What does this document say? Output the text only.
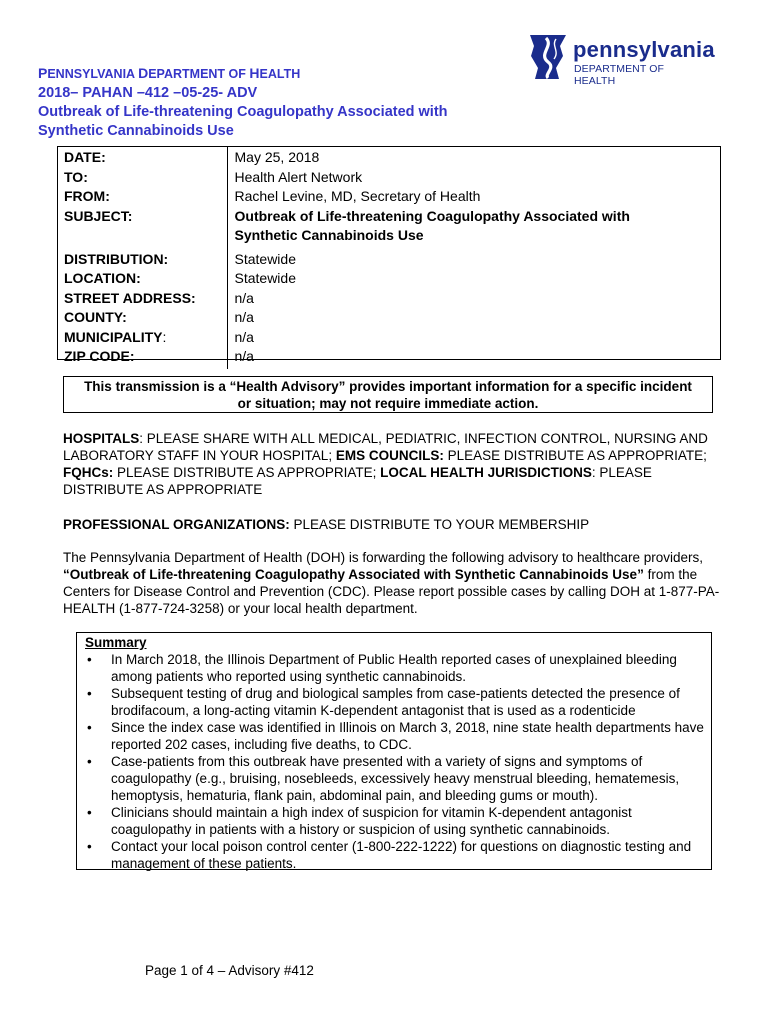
pennsylvania
DEPARTMENT OF HEALTH
PENNSYLVANIA DEPARTMENT OF HEALTH
2018– PAHAN –412 –05-25- ADV
Outbreak of Life-threatening Coagulopathy Associated with
Synthetic Cannabinoids Use
DATE:	May 25, 2018
TO:	Health Alert Network
FROM:	Rachel Levine, MD, Secretary of Health
SUBJECT:	Outbreak of Life-threatening Coagulopathy Associated with
Synthetic Cannabinoids Use

DISTRIBUTION:	Statewide
LOCATION:	Statewide
STREET ADDRESS:	n/a
COUNTY:	n/a
MUNICIPALITY:	n/a
ZIP CODE:	n/a
This transmission is a “Health Advisory” provides important information for a specific incident
or situation; may not require immediate action.
HOSPITALS: PLEASE SHARE WITH ALL MEDICAL, PEDIATRIC, INFECTION CONTROL, NURSING AND LABORATORY STAFF IN YOUR HOSPITAL; EMS COUNCILS: PLEASE DISTRIBUTE AS APPROPRIATE; FQHCs: PLEASE DISTRIBUTE AS APPROPRIATE; LOCAL HEALTH JURISDICTIONS: PLEASE DISTRIBUTE AS APPROPRIATE
PROFESSIONAL ORGANIZATIONS: PLEASE DISTRIBUTE TO YOUR MEMBERSHIP
The Pennsylvania Department of Health (DOH) is forwarding the following advisory to healthcare providers, “Outbreak of Life-threatening Coagulopathy Associated with Synthetic Cannabinoids Use” from the Centers for Disease Control and Prevention (CDC). Please report possible cases by calling DOH at 1-877-PA-HEALTH (1-877-724-3258) or your local health department.
Summary
• In March 2018, the Illinois Department of Public Health reported cases of unexplained bleeding among patients who reported using synthetic cannabinoids.
• Subsequent testing of drug and biological samples from case-patients detected the presence of brodifacoum, a long-acting vitamin K-dependent antagonist that is used as a rodenticide
• Since the index case was identified in Illinois on March 3, 2018, nine state health departments have reported 202 cases, including five deaths, to CDC.
• Case-patients from this outbreak have presented with a variety of signs and symptoms of coagulopathy (e.g., bruising, nosebleeds, excessively heavy menstrual bleeding, hematemesis, hemoptysis, hematuria, flank pain, abdominal pain, and bleeding gums or mouth).
• Clinicians should maintain a high index of suspicion for vitamin K-dependent antagonist coagulopathy in patients with a history or suspicion of using synthetic cannabinoids.
• Contact your local poison control center (1-800-222-1222) for questions on diagnostic testing and management of these patients.
Page 1 of 4 – Advisory #412
